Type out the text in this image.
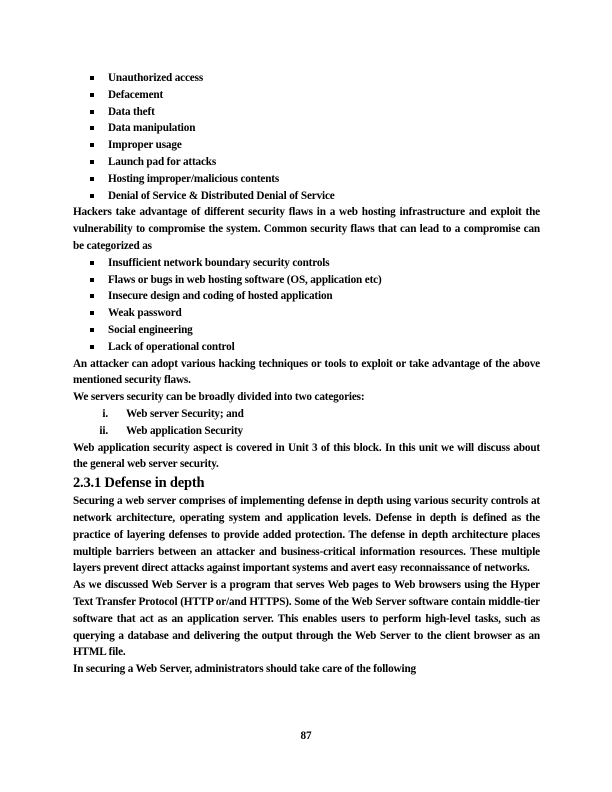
Unauthorized access
Defacement
Data theft
Data manipulation
Improper usage
Launch pad for attacks
Hosting improper/malicious contents
Denial of Service & Distributed Denial of Service

Hackers take advantage of different security flaws in a web hosting infrastructure and exploit the vulnerability to compromise the system. Common security flaws that can lead to a compromise can be categorized as

Insufficient network boundary security controls
Flaws or bugs in web hosting software (OS, application etc)
Insecure design and coding of hosted application
Weak password
Social engineering
Lack of operational control

An attacker can adopt various hacking techniques or tools to exploit or take advantage of the above mentioned security flaws.

We servers security can be broadly divided into two categories:

i. Web server Security; and
ii. Web application Security

Web application security aspect is covered in Unit 3 of this block. In this unit we will discuss about the general web server security.

2.3.1 Defense in depth

Securing a web server comprises of implementing defense in depth using various security controls at network architecture, operating system and application levels. Defense in depth is defined as the practice of layering defenses to provide added protection. The defense in depth architecture places multiple barriers between an attacker and business-critical information resources. These multiple layers prevent direct attacks against important systems and avert easy reconnaissance of networks.

As we discussed Web Server is a program that serves Web pages to Web browsers using the Hyper Text Transfer Protocol (HTTP or/and HTTPS). Some of the Web Server software contain middle-tier software that act as an application server. This enables users to perform high-level tasks, such as querying a database and delivering the output through the Web Server to the client browser as an HTML file.

In securing a Web Server, administrators should take care of the following

87
